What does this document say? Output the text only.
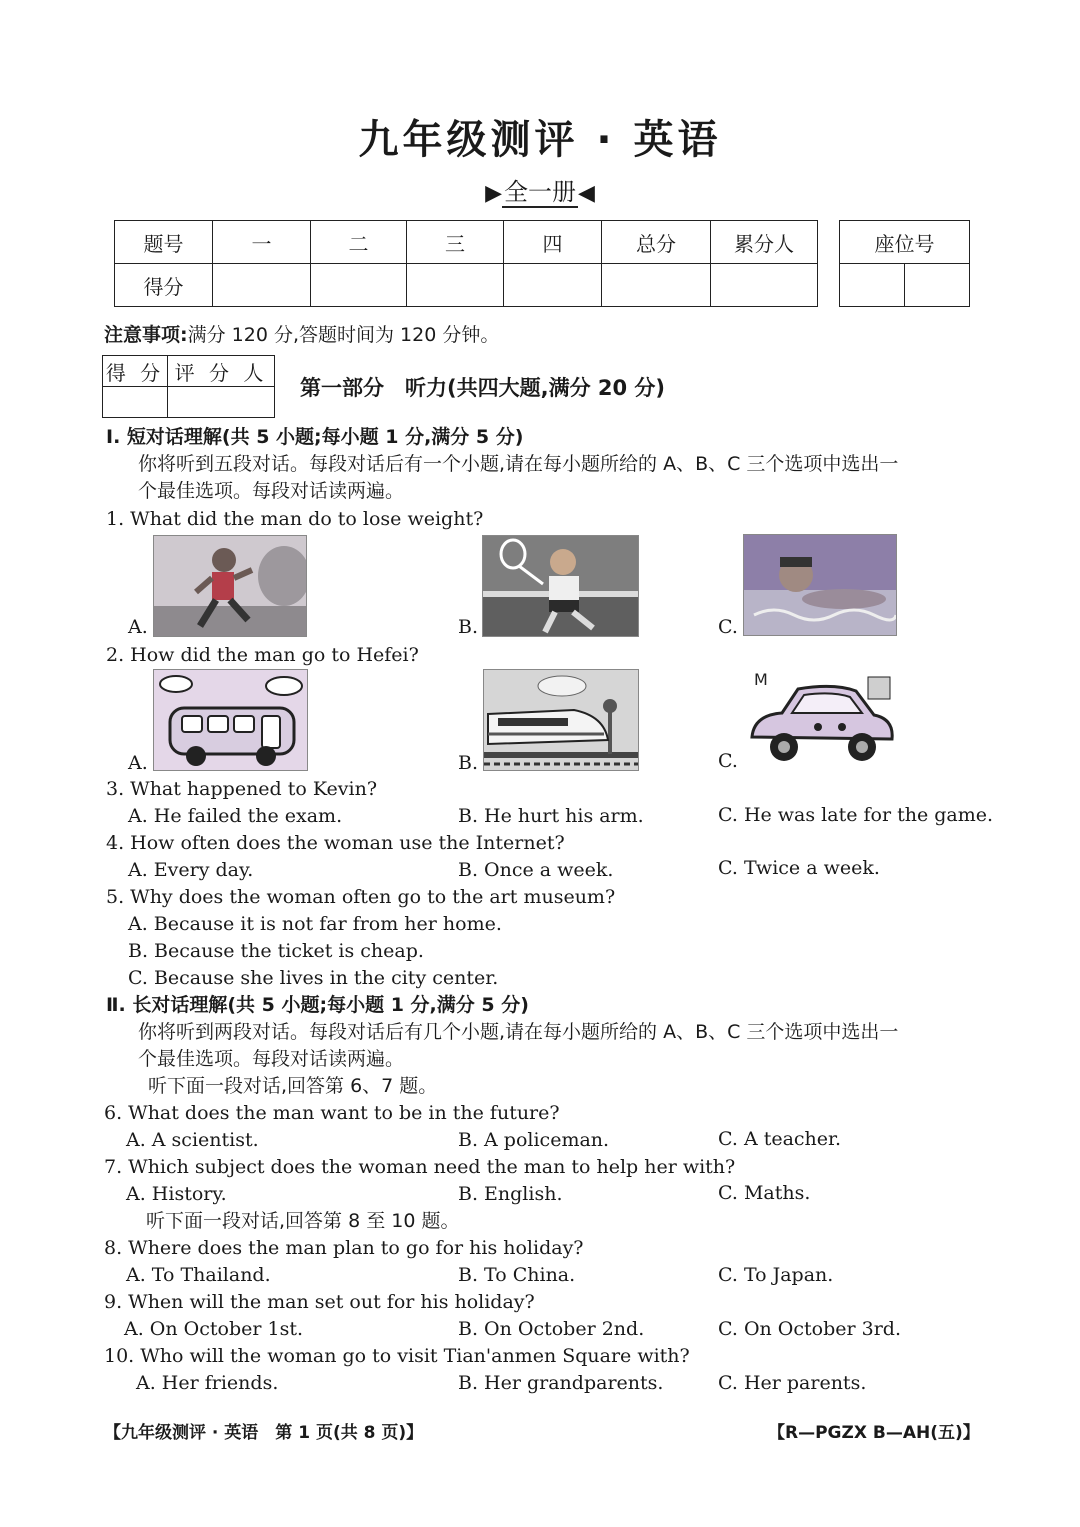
九年级测评 · 英语
▶全一册◀
题号	一	二	三	四	总分	累分人
得分						
座位号

注意事项:满分 120 分,答题时间为 120 分钟。
得 分	评 分 人

第一部分　听力(共四大题,满分 20 分)
Ⅰ. 短对话理解(共 5 小题;每小题 1 分,满分 5 分)
你将听到五段对话。每段对话后有一个小题,请在每小题所给的 A、B、C 三个选项中选出一
个最佳选项。每段对话读两遍。
1. What did the man do to lose weight?
A.	B.	C.
2. How did the man go to Hefei?
A.	B.	C.
M
3. What happened to Kevin?
A. He failed the exam.	B. He hurt his arm.	C. He was late for the game.
4. How often does the woman use the Internet?
A. Every day.	B. Once a week.	C. Twice a week.
5. Why does the woman often go to the art museum?
A. Because it is not far from her home.
B. Because the ticket is cheap.
C. Because she lives in the city center.
Ⅱ. 长对话理解(共 5 小题;每小题 1 分,满分 5 分)
你将听到两段对话。每段对话后有几个小题,请在每小题所给的 A、B、C 三个选项中选出一
个最佳选项。每段对话读两遍。
听下面一段对话,回答第 6、7 题。
6. What does the man want to be in the future?
A. A scientist.	B. A policeman.	C. A teacher.
7. Which subject does the woman need the man to help her with?
A. History.	B. English.	C. Maths.
听下面一段对话,回答第 8 至 10 题。
8. Where does the man plan to go for his holiday?
A. To Thailand.	B. To China.	C. To Japan.
9. When will the man set out for his holiday?
A. On October 1st.	B. On October 2nd.	C. On October 3rd.
10. Who will the woman go to visit Tian'anmen Square with?
A. Her friends.	B. Her grandparents.	C. Her parents.
【九年级测评 · 英语　第 1 页(共 8 页)】	【R—PGZX B—AH(五)】
